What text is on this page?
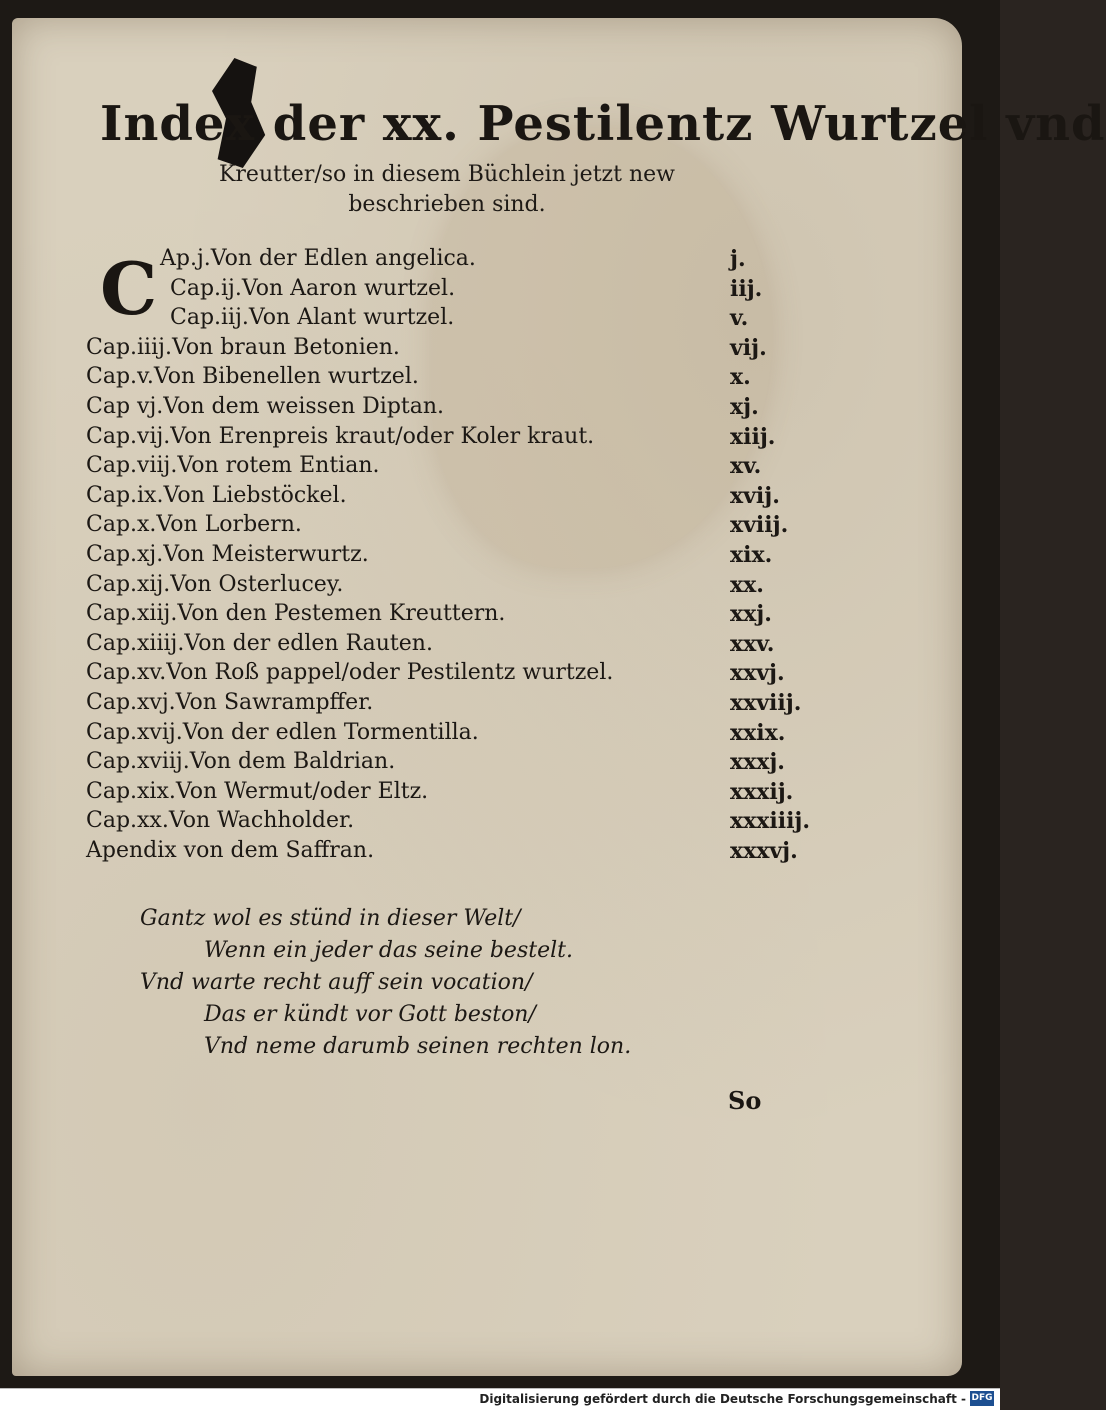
Index der xx. Pestilentz Wurtzel vnd
Kreutter/so in diesem Büchlein jetzt new
beschrieben sind.
C Ap.j.Von der Edlen angelica.	j.
Cap.ij.Von Aaron wurtzel.	iij.
Cap.iij.Von Alant wurtzel.	v.
Cap.iiij.Von braun Betonien.	vij.
Cap.v.Von Bibenellen wurtzel.	x.
Cap vj.Von dem weissen Diptan.	xj.
Cap.vij.Von Erenpreis kraut/oder Koler kraut.	xiij.
Cap.viij.Von rotem Entian.	xv.
Cap.ix.Von Liebstöckel.	xvij.
Cap.x.Von Lorbern.	xviij.
Cap.xj.Von Meisterwurtz.	xix.
Cap.xij.Von Osterlucey.	xx.
Cap.xiij.Von den Pestemen Kreuttern.	xxj.
Cap.xiiij.Von der edlen Rauten.	xxv.
Cap.xv.Von Roß pappel/oder Pestilentz wurtzel.	xxvj.
Cap.xvj.Von Sawrampffer.	xxviij.
Cap.xvij.Von der edlen Tormentilla.	xxix.
Cap.xviij.Von dem Baldrian.	xxxj.
Cap.xix.Von Wermut/oder Eltz.	xxxij.
Cap.xx.Von Wachholder.	xxxiiij.
Apendix von dem Saffran.	xxxvj.
Gantz wol es stünd in dieser Welt/
Wenn ein jeder das seine bestelt.
Vnd warte recht auff sein vocation/
Das er kündt vor Gott beston/
Vnd neme darumb seinen rechten lon.
So
Digitalisierung gefördert durch die Deutsche Forschungsgemeinschaft - DFG
